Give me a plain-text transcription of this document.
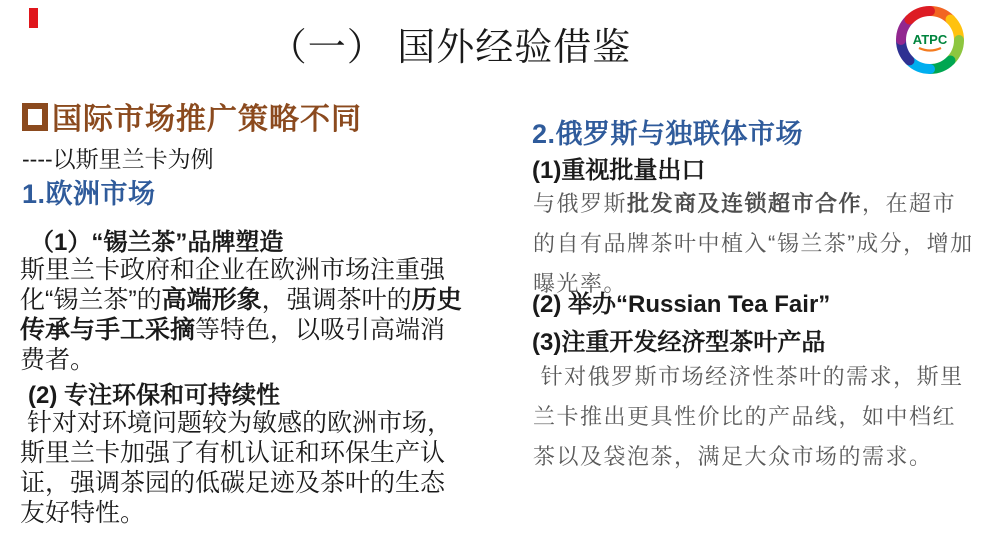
（一） 国外经验借鉴	ATPC
国际市场推广策略不同
----以斯里兰卡为例
1.欧洲市场
（1）“锡兰茶”品牌塑造
斯里兰卡政府和企业在欧洲市场注重强化“锡兰茶”的高端形象，强调茶叶的历史传承与手工采摘等特色，以吸引高端消费者。
(2) 专注环保和可持续性
针对对环境问题较为敏感的欧洲市场，斯里兰卡加强了有机认证和环保生产认证，强调茶园的低碳足迹及茶叶的生态友好特性。
2.俄罗斯与独联体市场
(1)重视批量出口
与俄罗斯批发商及连锁超市合作，在超市的自有品牌茶叶中植入“锡兰茶”成分，增加曝光率。
(2) 举办“Russian Tea Fair”
(3)注重开发经济型茶叶产品
针对俄罗斯市场经济性茶叶的需求，斯里兰卡推出更具性价比的产品线，如中档红茶以及袋泡茶，满足大众市场的需求。
